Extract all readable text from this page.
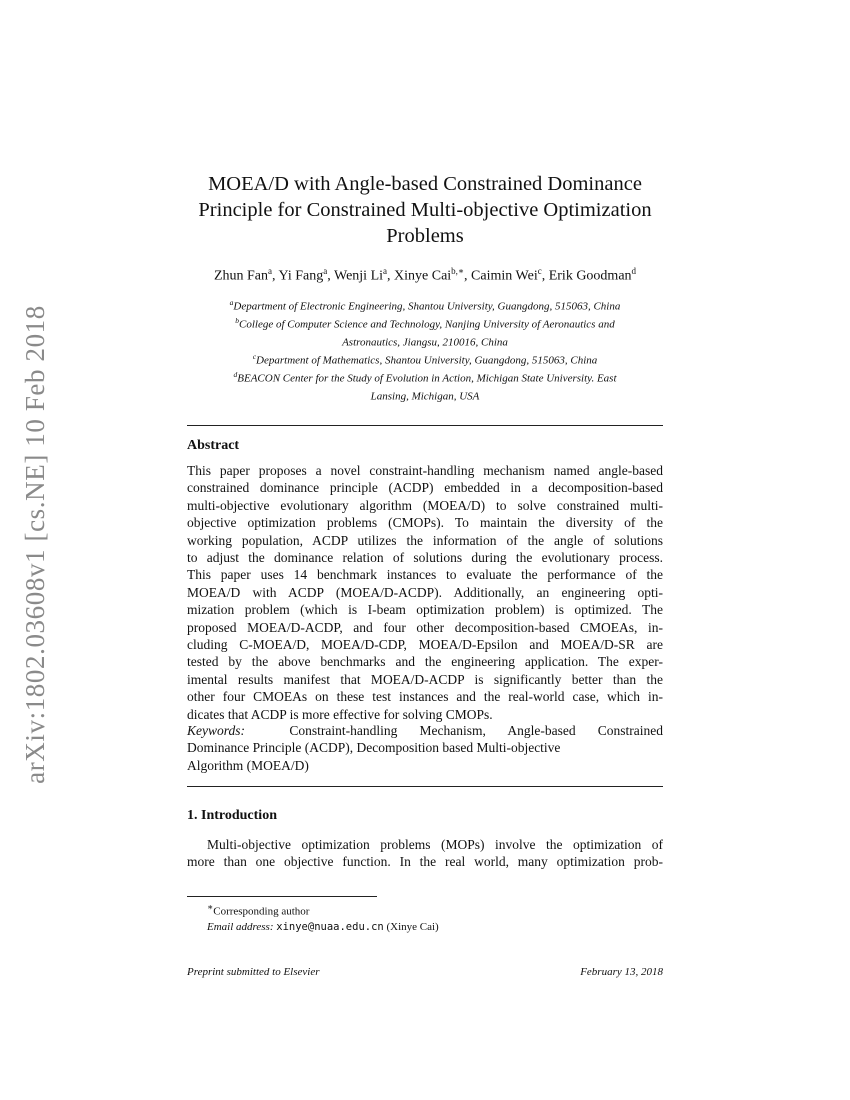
arXiv:1802.03608v1 [cs.NE] 10 Feb 2018
MOEA/D with Angle-based Constrained Dominance
Principle for Constrained Multi-objective Optimization
Problems
Zhun Fan$^a$, Yi Fang$^a$, Wenji Li$^a$, Xinye Cai$^{b,∗}$, Caimin Wei$^c$, Erik Goodman$^d$
$^a$Department of Electronic Engineering, Shantou University, Guangdong, 515063, China
$^b$College of Computer Science and Technology, Nanjing University of Aeronautics and
Astronautics, Jiangsu, 210016, China
$^c$Department of Mathematics, Shantou University, Guangdong, 515063, China
$^d$BEACON Center for the Study of Evolution in Action, Michigan State University. East
Lansing, Michigan, USA
Abstract
This paper proposes a novel constraint-handling mechanism named angle-based
constrained dominance principle (ACDP) embedded in a decomposition-based
multi-objective evolutionary algorithm (MOEA/D) to solve constrained multi-
objective optimization problems (CMOPs). To maintain the diversity of the
working population, ACDP utilizes the information of the angle of solutions
to adjust the dominance relation of solutions during the evolutionary process.
This paper uses 14 benchmark instances to evaluate the performance of the
MOEA/D with ACDP (MOEA/D-ACDP). Additionally, an engineering opti-
mization problem (which is I-beam optimization problem) is optimized. The
proposed MOEA/D-ACDP, and four other decomposition-based CMOEAs, in-
cluding C-MOEA/D, MOEA/D-CDP, MOEA/D-Epsilon and MOEA/D-SR are
tested by the above benchmarks and the engineering application. The exper-
imental results manifest that MOEA/D-ACDP is significantly better than the
other four CMOEAs on these test instances and the real-world case, which in-
dicates that ACDP is more effective for solving CMOPs.
Keywords:	Constraint-handling Mechanism, Angle-based Constrained
Dominance Principle (ACDP), Decomposition based Multi-objective
Algorithm (MOEA/D)
1. Introduction
Multi-objective optimization problems (MOPs) involve the optimization of
more than one objective function. In the real world, many optimization prob-
∗Corresponding author
Email address: xinye@nuaa.edu.cn (Xinye Cai)
Preprint submitted to Elsevier	February 13, 2018
